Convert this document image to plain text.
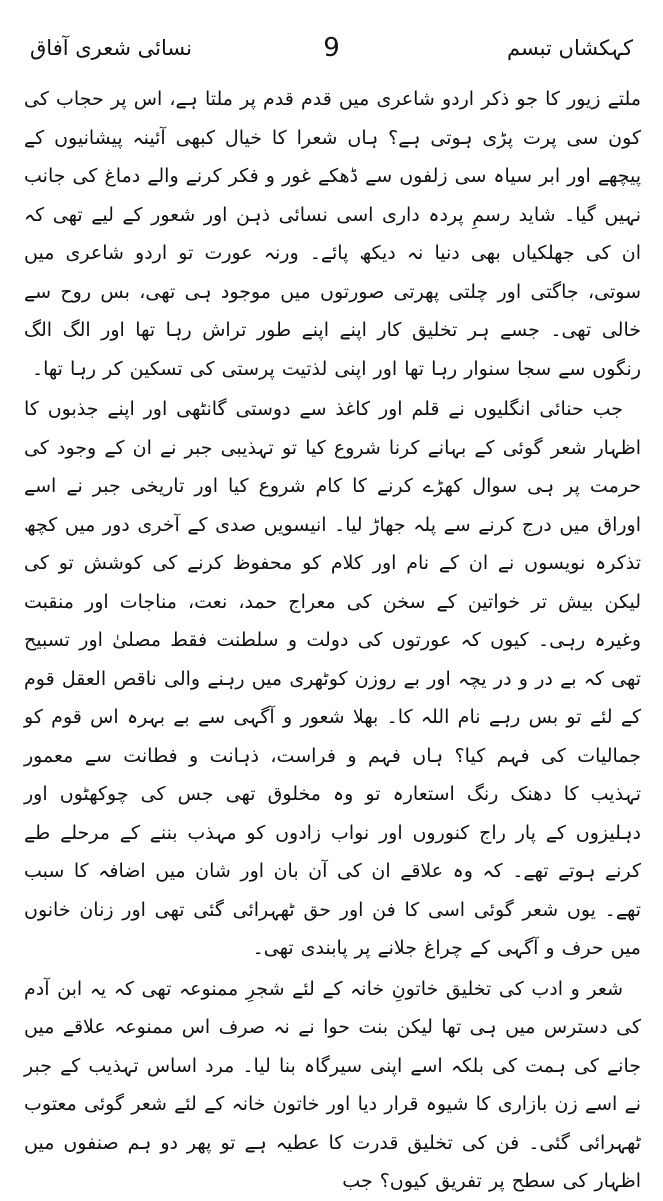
کہکشاں تبسم
9
نسائی شعری آفاق

ملتے زیور کا جو ذکر اردو شاعری میں قدم قدم پر ملتا ہے، اس پر حجاب کی کون سی پرت پڑی ہوتی ہے؟ ہاں شعرا کا خیال کبھی آئینہ پیشانیوں کے پیچھے اور ابر سیاہ سی زلفوں سے ڈھکے غور و فکر کرنے والے دماغ کی جانب نہیں گیا۔ شاید رسمِ پردہ داری اسی نسائی ذہن اور شعور کے لیے تھی کہ ان کی جھلکیاں بھی دنیا نہ دیکھ پائے۔ ورنہ عورت تو اردو شاعری میں سوتی، جاگتی اور چلتی پھرتی صورتوں میں موجود ہی تھی، بس روح سے خالی تھی۔ جسے ہر تخلیق کار اپنے اپنے طور تراش رہا تھا اور الگ الگ رنگوں سے سجا سنوار رہا تھا اور اپنی لذتیت پرستی کی تسکین کر رہا تھا۔

جب حنائی انگلیوں نے قلم اور کاغذ سے دوستی گانٹھی اور اپنے جذبوں کا اظہار شعر گوئی کے بہانے کرنا شروع کیا تو تہذیبی جبر نے ان کے وجود کی حرمت پر ہی سوال کھڑے کرنے کا کام شروع کیا اور تاریخی جبر نے اسے اوراق میں درج کرنے سے پلہ جھاڑ لیا۔ انیسویں صدی کے آخری دور میں کچھ تذکرہ نویسوں نے ان کے نام اور کلام کو محفوظ کرنے کی کوشش تو کی لیکن بیش تر خواتین کے سخن کی معراج حمد، نعت، مناجات اور منقبت وغیرہ رہی۔ کیوں کہ عورتوں کی دولت و سلطنت فقط مصلیٰ اور تسبیح تھی کہ بے در و در یچہ اور بے روزن کوٹھری میں رہنے والی ناقص العقل قوم کے لئے تو بس رہے نام اللہ کا۔ بھلا شعور و آگہی سے بے بہرہ اس قوم کو جمالیات کی فہم کیا؟ ہاں فہم و فراست، ذہانت و فطانت سے معمور تہذیب کا دھنک رنگ استعارہ تو وہ مخلوق تھی جس کی چوکھٹوں اور دہلیزوں کے پار راج کنوروں اور نواب زادوں کو مہذب بننے کے مرحلے طے کرنے ہوتے تھے۔ کہ وہ علاقے ان کی آن بان اور شان میں اضافہ کا سبب تھے۔ یوں شعر گوئی اسی کا فن اور حق ٹھہرائی گئی تھی اور زنان خانوں میں حرف و آگہی کے چراغ جلانے پر پابندی تھی۔

شعر و ادب کی تخلیق خاتونِ خانہ کے لئے شجرِ ممنوعہ تھی کہ یہ ابن آدم کی دسترس میں ہی تھا لیکن بنت حوا نے نہ صرف اس ممنوعہ علاقے میں جانے کی ہمت کی بلکہ اسے اپنی سیرگاہ بنا لیا۔ مرد اساس تہذیب کے جبر نے اسے زن بازاری کا شیوہ قرار دیا اور خاتون خانہ کے لئے شعر گوئی معتوب ٹھہرائی گئی۔ فن کی تخلیق قدرت کا عطیہ ہے تو پھر دو ہم صنفوں میں اظہار کی سطح پر تفریق کیوں؟ جب
